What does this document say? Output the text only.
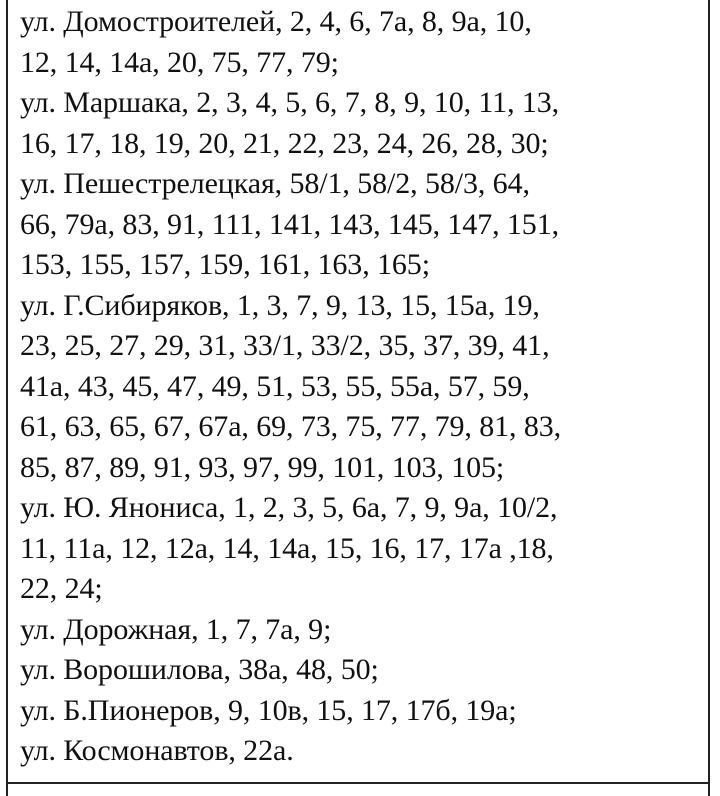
ул. Домостроителей, 2, 4, 6, 7а, 8, 9а, 10,
12, 14, 14а, 20, 75, 77, 79;

ул. Маршака, 2, 3, 4, 5, 6, 7, 8, 9, 10, 11, 13,
16, 17, 18, 19, 20, 21, 22, 23, 24, 26, 28, 30;

ул. Пешестрелецкая, 58/1, 58/2, 58/3, 64,
66, 79а, 83, 91, 111, 141, 143, 145, 147, 151,
153, 155, 157, 159, 161, 163, 165;

ул. Г.Сибиряков, 1, 3, 7, 9, 13, 15, 15а, 19,
23, 25, 27, 29, 31, 33/1, 33/2, 35, 37, 39, 41,
41а, 43, 45, 47, 49, 51, 53, 55, 55а, 57, 59,
61, 63, 65, 67, 67а, 69, 73, 75, 77, 79, 81, 83,
85, 87, 89, 91, 93, 97, 99, 101, 103, 105;

ул. Ю. Янониса, 1, 2, 3, 5, 6а, 7, 9, 9а, 10/2,
11, 11а, 12, 12а, 14, 14а, 15, 16, 17, 17а ,18,
22, 24;

ул. Дорожная, 1, 7, 7а, 9;

ул. Ворошилова, 38а, 48, 50;

ул. Б.Пионеров, 9, 10в, 15, 17, 17б, 19а;

ул. Космонавтов, 22а.
